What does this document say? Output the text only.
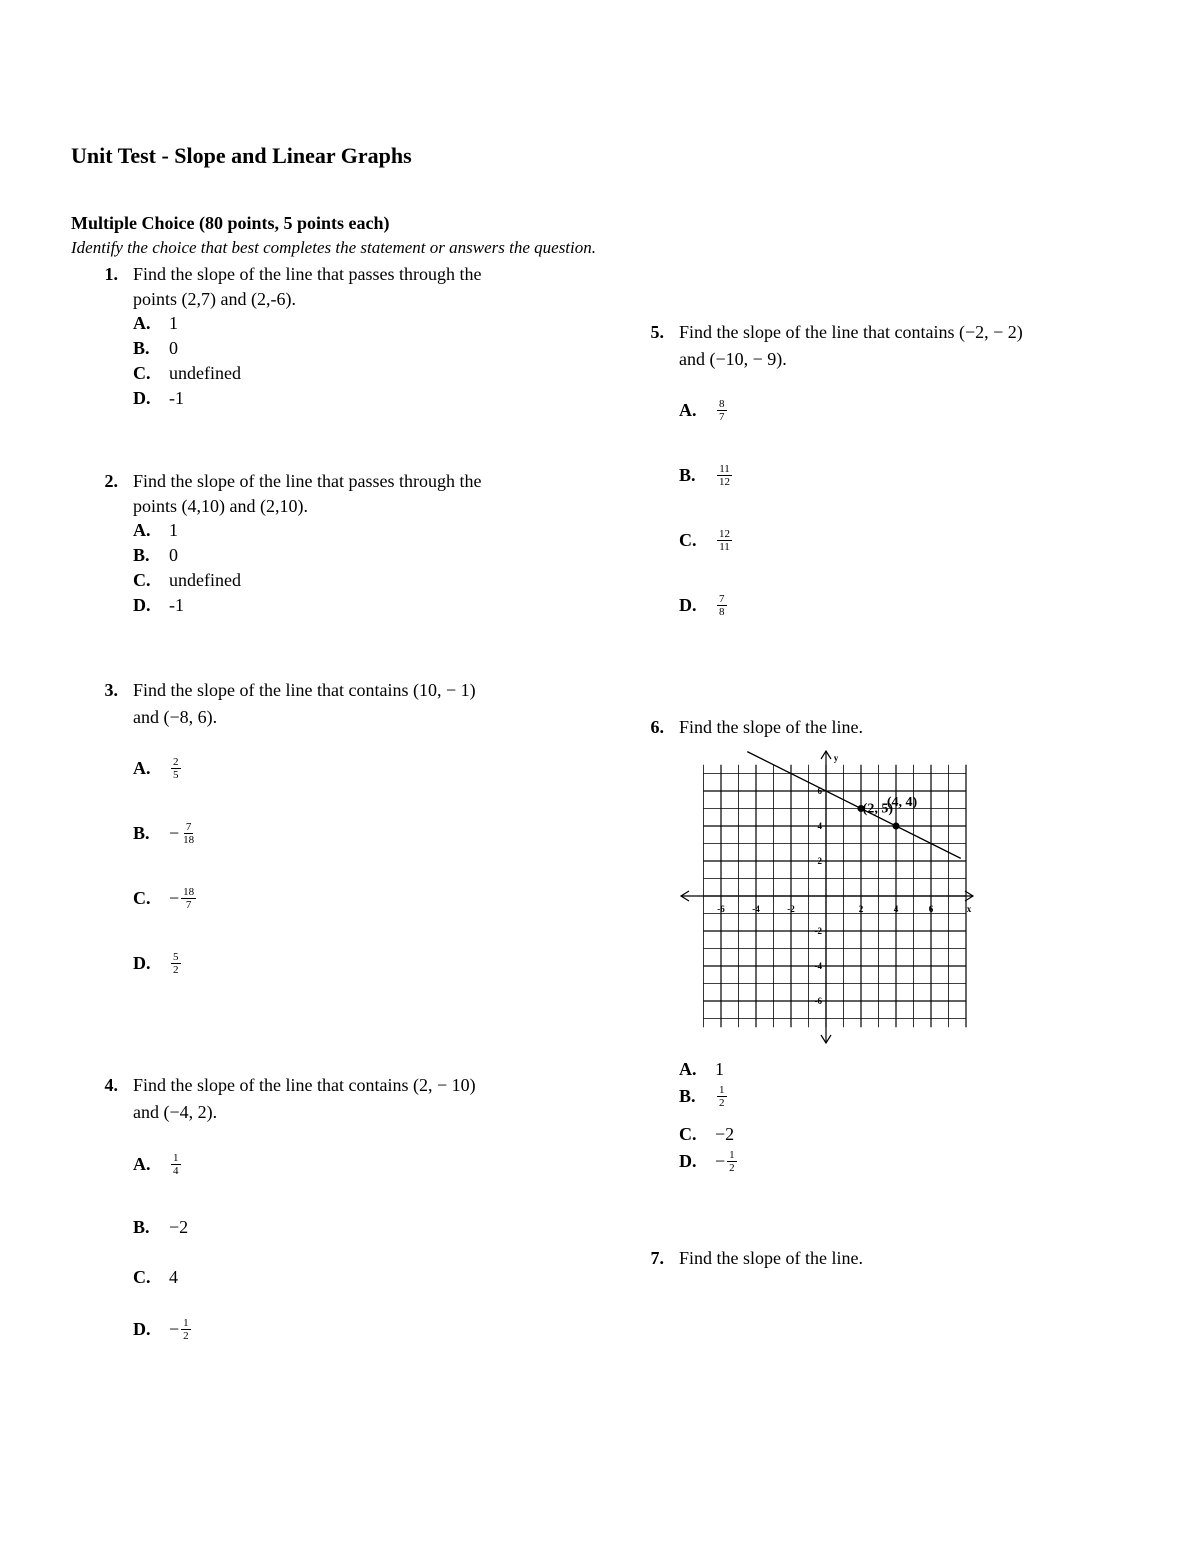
Unit Test - Slope and Linear Graphs
Multiple Choice (80 points, 5 points each)
Identify the choice that best completes the statement or answers the question.
1. Find the slope of the line that passes through the
points (2,7) and (2,-6).
A.	1
B.	0
C.	undefined
D.	-1
2. Find the slope of the line that passes through the
points (4,10) and (2,10).
A.	1
B.	0
C.	undefined
D.	-1
3. Find the slope of the line that contains (10, − 1)
and (−8, 6).
A.	$\frac{2}{5}$
B.	− $\frac{7}{18}$
C.	− $\frac{18}{7}$
D.	$\frac{5}{2}$
4. Find the slope of the line that contains (2, − 10)
and (−4, 2).
A.	$\frac{1}{4}$
B.	−2
C.	4
D.	− $\frac{1}{2}$
5. Find the slope of the line that contains (−2, − 2)
and (−10, − 9).
A.	$\frac{8}{7}$
B.	$\frac{11}{12}$
C.	$\frac{12}{11}$
D.	$\frac{7}{8}$
6. Find the slope of the line.
-6	-4	-2	2	4	6
6
4
2
-2
-4
-6
x
y
(2, 5)
(4, 4)
A.	1
B.	$\frac{1}{2}$
C.	−2
D.	− $\frac{1}{2}$
7. Find the slope of the line.
